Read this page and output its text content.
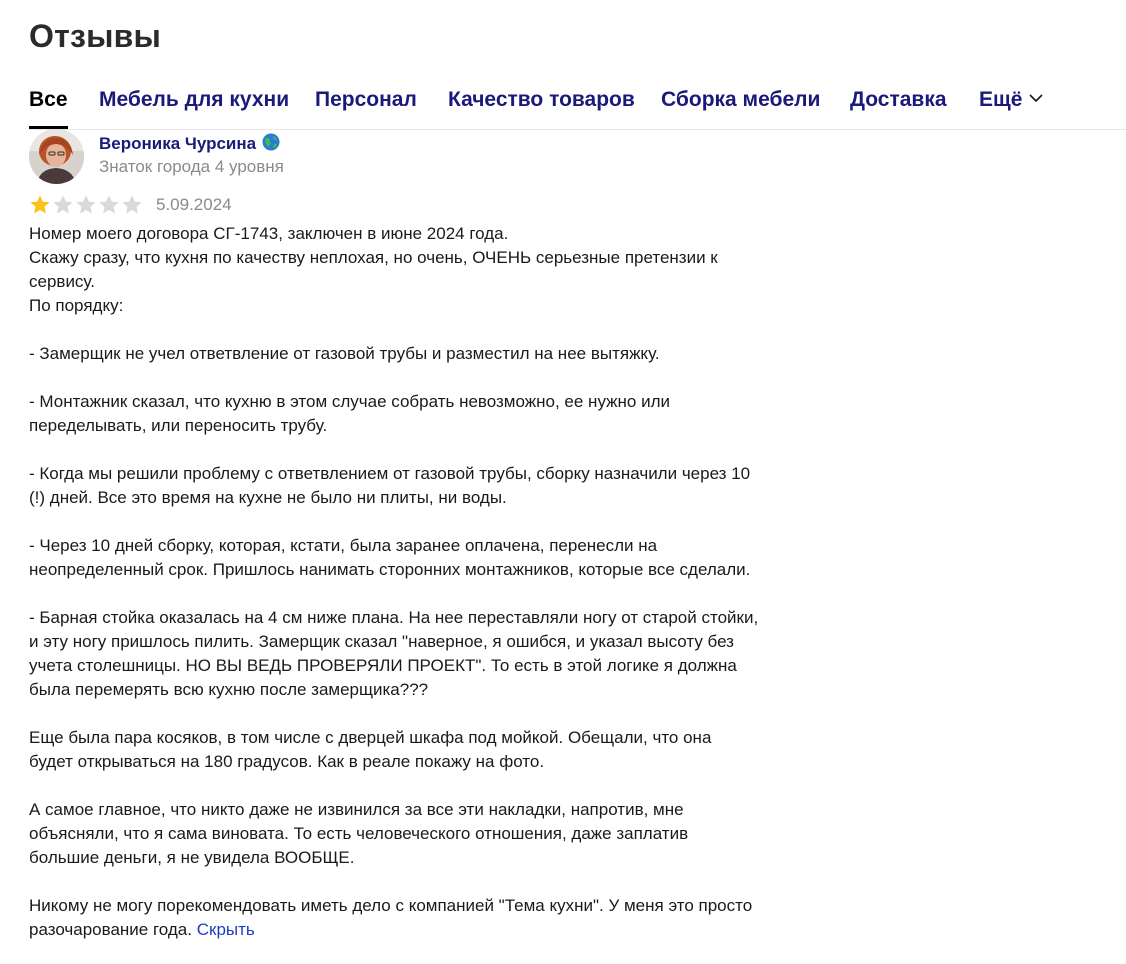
Отзывы
Все Мебель для кухни Персонал Качество товаров Сборка мебели Доставка Ещё
Вероника Чурсина
Знаток города 4 уровня
5.09.2024

Номер моего договора СГ-1743, заключен в июне 2024 года.
Скажу сразу, что кухня по качеству неплохая, но очень, ОЧЕНЬ серьезные претензии к сервису.
По порядку:

- Замерщик не учел ответвление от газовой трубы и разместил на нее вытяжку.

- Монтажник сказал, что кухню в этом случае собрать невозможно, ее нужно или переделывать, или переносить трубу.

- Когда мы решили проблему с ответвлением от газовой трубы, сборку назначили через 10 (!) дней. Все это время на кухне не было ни плиты, ни воды.

- Через 10 дней сборку, которая, кстати, была заранее оплачена, перенесли на неопределенный срок. Пришлось нанимать сторонних монтажников, которые все сделали.

- Барная стойка оказалась на 4 см ниже плана. На нее переставляли ногу от старой стойки, и эту ногу пришлось пилить. Замерщик сказал "наверное, я ошибся, и указал высоту без учета столешницы. НО ВЫ ВЕДЬ ПРОВЕРЯЛИ ПРОЕКТ". То есть в этой логике я должна была перемерять всю кухню после замерщика???

Еще была пара косяков, в том числе с дверцей шкафа под мойкой. Обещали, что она будет открываться на 180 градусов. Как в реале покажу на фото.

А самое главное, что никто даже не извинился за все эти накладки, напротив, мне объясняли, что я сама виновата. То есть человеческого отношения, даже заплатив большие деньги, я не увидела ВООБЩЕ.

Никому не могу порекомендовать иметь дело с компанией "Тема кухни". У меня это просто разочарование года. Скрыть
